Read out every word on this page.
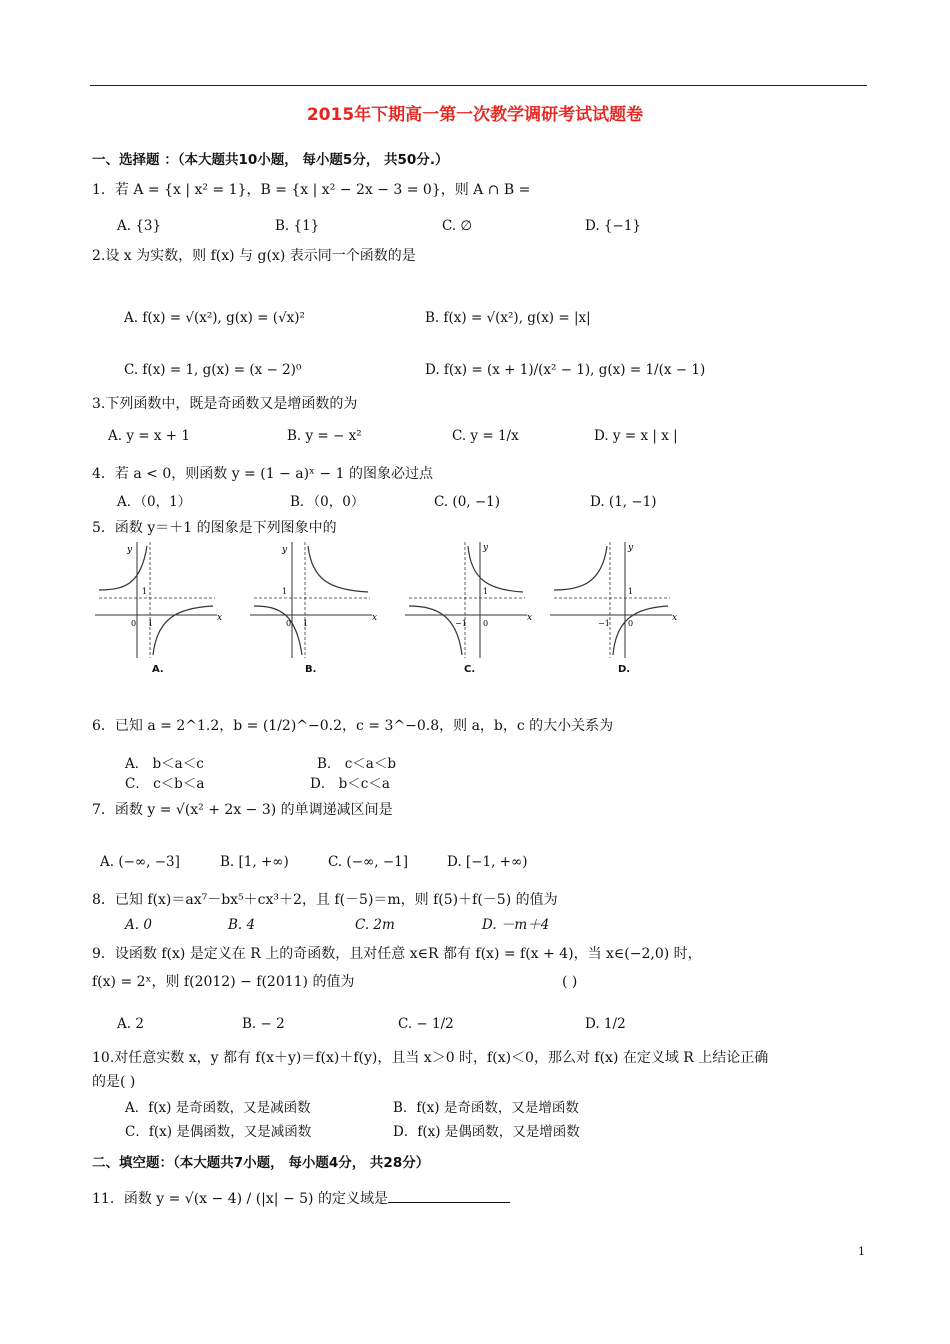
2015年下期高一第一次教学调研考试试题卷
一、选择题 ：（本大题共10小题， 每小题5分， 共50分.）
1．若 A = {x | x² = 1}，B = {x | x² − 2x − 3 = 0}，则 A ∩ B =
A. {3}	B. {1}	C. ∅	D. {−1}
2.设 x 为实数，则 f(x) 与 g(x) 表示同一个函数的是
A. f(x) = √(x²), g(x) = (√x)²	B. f(x) = √(x²), g(x) = |x|
C. f(x) = 1, g(x) = (x − 2)⁰	D. f(x) = (x + 1)/(x² − 1), g(x) = 1/(x − 1)
3.下列函数中，既是奇函数又是增函数的为
A. y = x + 1	B. y = − x²	C. y = 1/x	D. y = x | x |
4．若 a < 0，则函数 y = (1 − a)ˣ − 1 的图象必过点
A．（0，1）	B．（0，0）	C. (0, −1)	D. (1, −1)
5．函数 y＝＋1 的图象是下列图象中的
x
y
0
1
1
A.
x
y
0
1
1
B.
x
y
0
1
−1
C.
x
y
0
1
−1
D.
6．已知 a = 2^1.2，b = (1/2)^−0.2，c = 3^−0.8，则 a，b，c 的大小关系为
A． b＜a＜c	B． c＜a＜b
C． c＜b＜a	D． b＜c＜a
7．函数 y = √(x² + 2x − 3) 的单调递减区间是
A. (−∞, −3]	B. [1, +∞)	C. (−∞, −1]	D. [−1, +∞)
8．已知 f(x)＝ax⁷－bx⁵＋cx³＋2，且 f(－5)＝m，则 f(5)＋f(－5) 的值为
A. 0	B. 4	C. 2m	D. －m＋4
9．设函数 f(x) 是定义在 R 上的奇函数，且对任意 x∈R 都有 f(x) = f(x + 4)，当 x∈(−2,0) 时，
f(x) = 2ˣ，则 f(2012) − f(2011) 的值为	( )
A. 2	B. − 2	C. − 1/2	D. 1/2
10.对任意实数 x，y 都有 f(x＋y)＝f(x)＋f(y)，且当 x＞0 时，f(x)＜0，那么对 f(x) 在定义域 R 上结论正确
的是( )
A．f(x) 是奇函数，又是减函数	B．f(x) 是奇函数，又是增函数
C．f(x) 是偶函数，又是减函数	D．f(x) 是偶函数，又是增函数
二、填空题：（本大题共7小题， 每小题4分， 共28分）
11．函数 y = √(x − 4) / (|x| − 5) 的定义域是
1
